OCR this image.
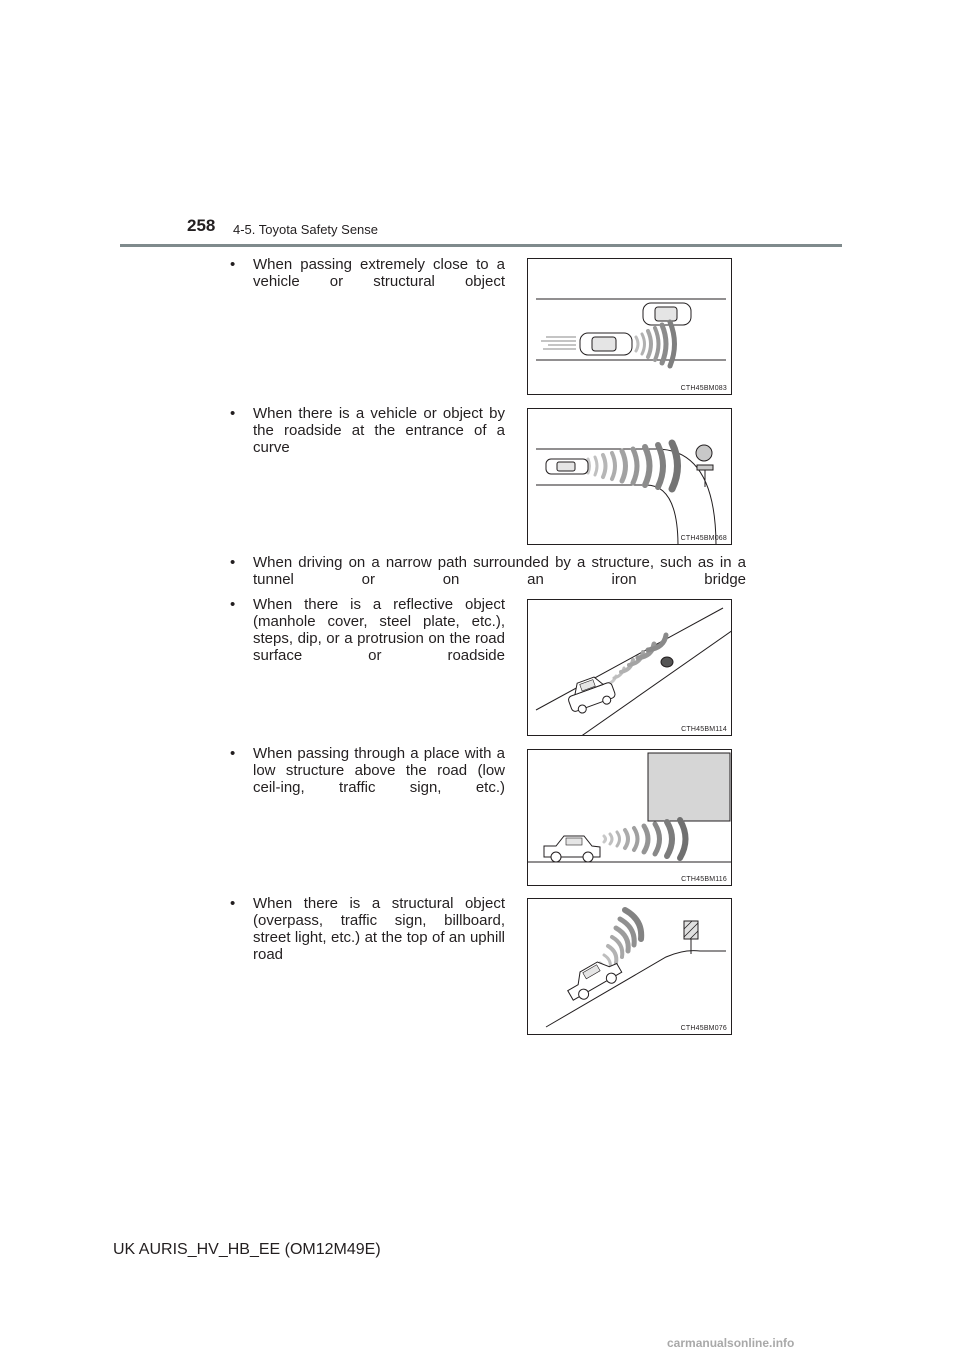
258 4-5. Toyota Safety Sense
•	When passing extremely close to a vehicle or structural object
CTH45BM083
•	When there is a vehicle or object by the roadside at the entrance of a curve
CTH45BM068
•	When driving on a narrow path surrounded by a structure, such as in a tunnel or on an iron bridge
•	When there is a reflective object (manhole cover, steel plate, etc.), steps, dip, or a protrusion on the road surface or roadside
CTH45BM114
•	When passing through a place with a low structure above the road (low ceil-ing, traffic sign, etc.)
CTH45BM116
•	When there is a structural object (overpass, traffic sign, billboard, street light, etc.) at the top of an uphill road
CTH45BM076
UK AURIS_HV_HB_EE (OM12M49E)
carmanualsonline.info
